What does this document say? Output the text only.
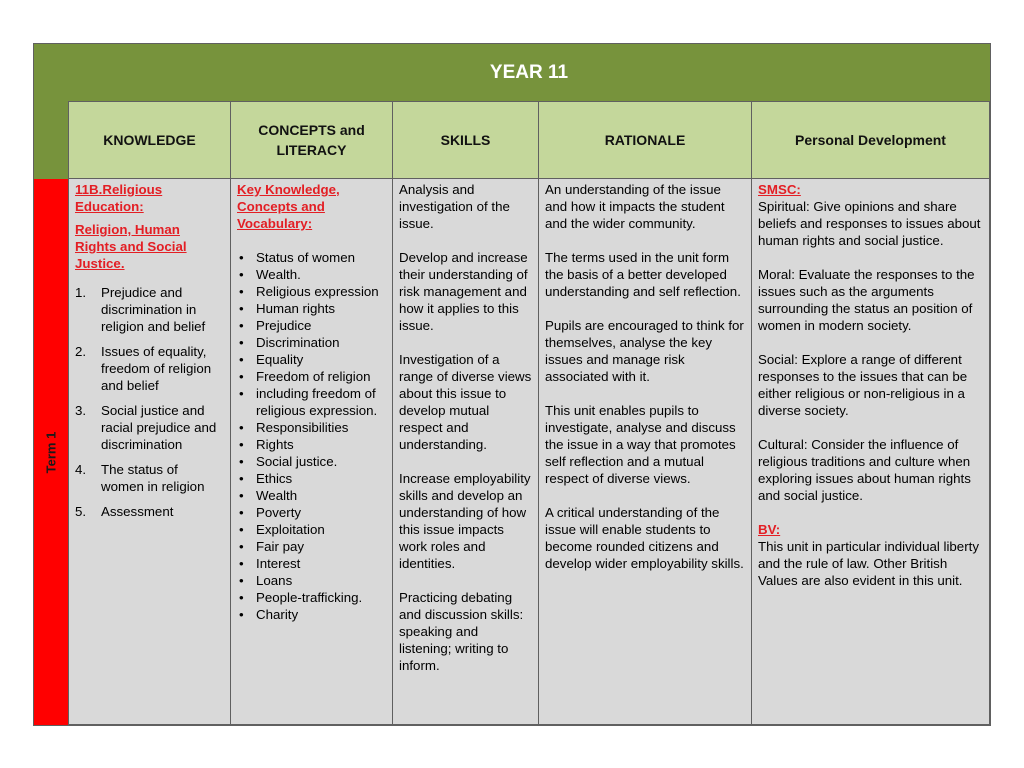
YEAR 11
Term 1
KNOWLEDGE
CONCEPTS and
LITERACY
SKILLS	RATIONALE	Personal Development
11B.Religious Education:
Religion, Human Rights and Social Justice.
1. Prejudice and discrimination in religion and belief
2. Issues of equality, freedom of religion and belief
3. Social justice and racial prejudice and discrimination
4. The status of women in religion
5. Assessment
Key Knowledge, Concepts and Vocabulary:
• Status of women
• Wealth.
• Religious expression
• Human rights
• Prejudice
• Discrimination
• Equality
• Freedom of religion
• including freedom of religious expression.
• Responsibilities
• Rights
• Social justice.
• Ethics
• Wealth
• Poverty
• Exploitation
• Fair pay
• Interest
• Loans
• People-trafficking.
• Charity

Analysis and investigation of the issue.

Develop and increase their understanding of risk management and how it applies to this issue.

Investigation of a range of diverse views about this issue to develop mutual respect and understanding.

Increase employability skills and develop an understanding of how this issue impacts work roles and identities.

Practicing debating and discussion skills: speaking and listening; writing to inform.

An understanding of the issue and how it impacts the student and the wider community.

The terms used in the unit form the basis of a better developed understanding and self reflection.

Pupils are encouraged to think for themselves, analyse the key issues and manage risk associated with it.

This unit enables pupils to investigate, analyse and discuss the issue in a way that promotes self reflection and a mutual respect of diverse views.

A critical understanding of the issue will enable students to become rounded citizens and develop wider employability skills.

SMSC:

Spiritual: Give opinions and share beliefs and responses to issues about human rights and social justice.

Moral: Evaluate the responses to the issues such as the arguments surrounding the status an position of women in modern society.

Social: Explore a range of different responses to the issues that can be either religious or non-religious in a diverse society.

Cultural: Consider the influence of religious traditions and culture when exploring issues about human rights and social justice.

BV:

This unit in particular individual liberty and the rule of law. Other British Values are also evident in this unit.
